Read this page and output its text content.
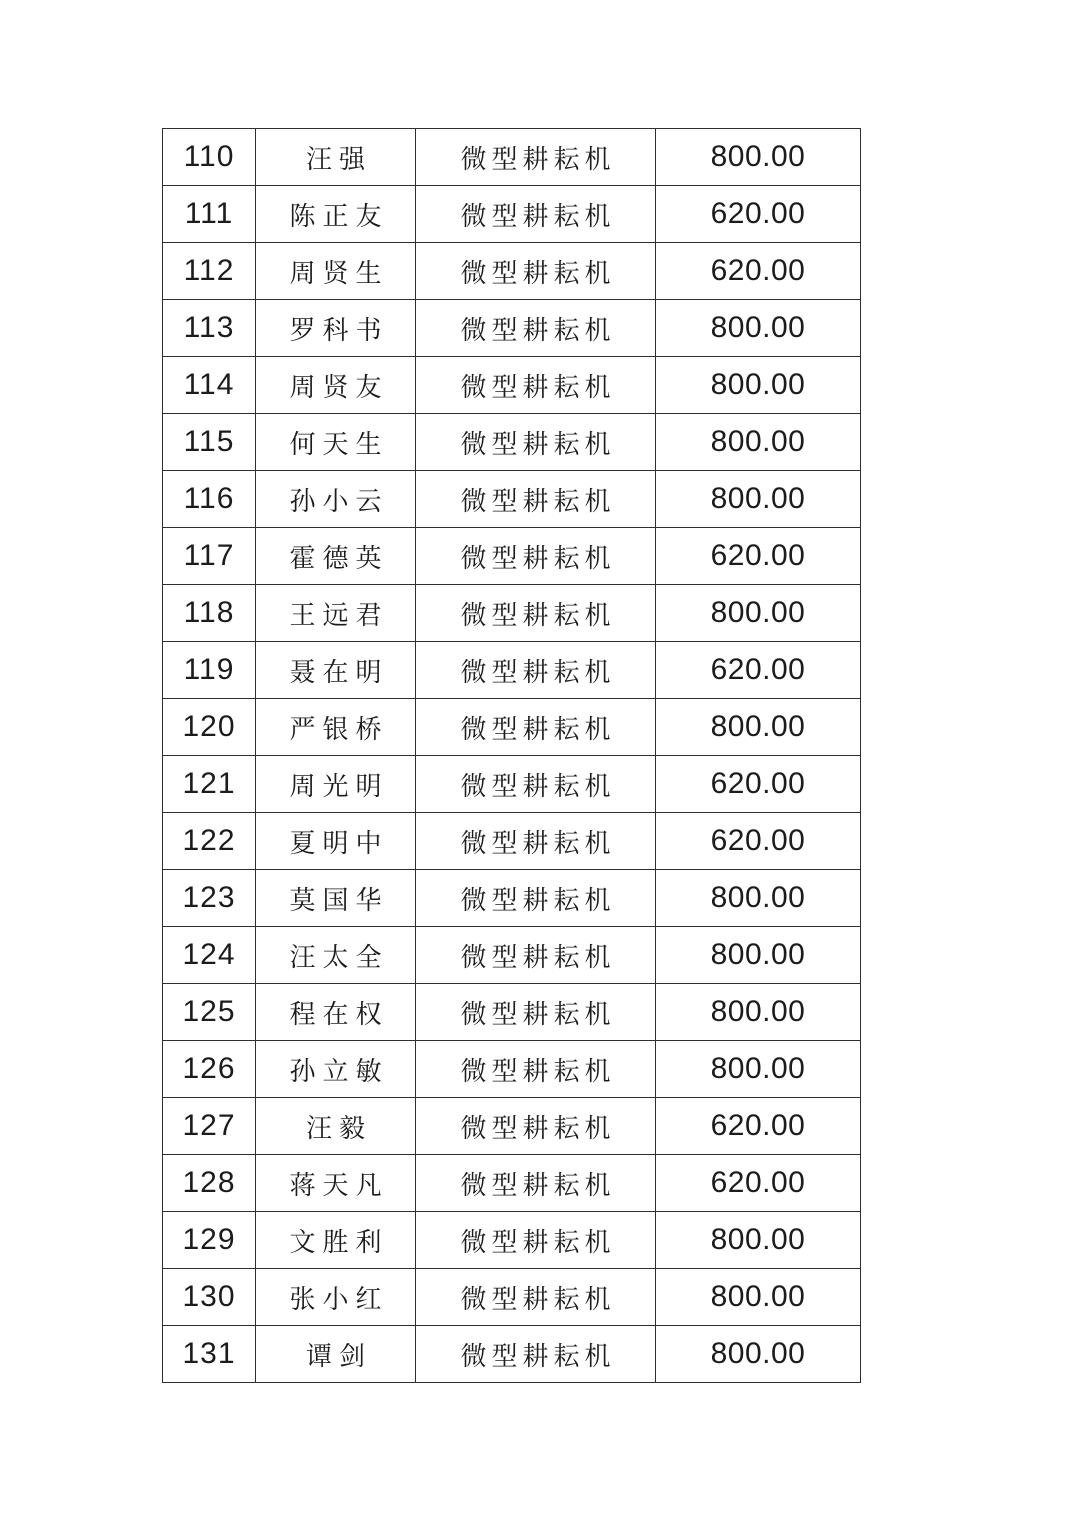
110	汪强	微型耕耘机	800.00
111	陈正友	微型耕耘机	620.00
112	周贤生	微型耕耘机	620.00
113	罗科书	微型耕耘机	800.00
114	周贤友	微型耕耘机	800.00
115	何天生	微型耕耘机	800.00
116	孙小云	微型耕耘机	800.00
117	霍德英	微型耕耘机	620.00
118	王远君	微型耕耘机	800.00
119	聂在明	微型耕耘机	620.00
120	严银桥	微型耕耘机	800.00
121	周光明	微型耕耘机	620.00
122	夏明中	微型耕耘机	620.00
123	莫国华	微型耕耘机	800.00
124	汪太全	微型耕耘机	800.00
125	程在权	微型耕耘机	800.00
126	孙立敏	微型耕耘机	800.00
127	汪毅	微型耕耘机	620.00
128	蒋天凡	微型耕耘机	620.00
129	文胜利	微型耕耘机	800.00
130	张小红	微型耕耘机	800.00
131	谭剑	微型耕耘机	800.00
